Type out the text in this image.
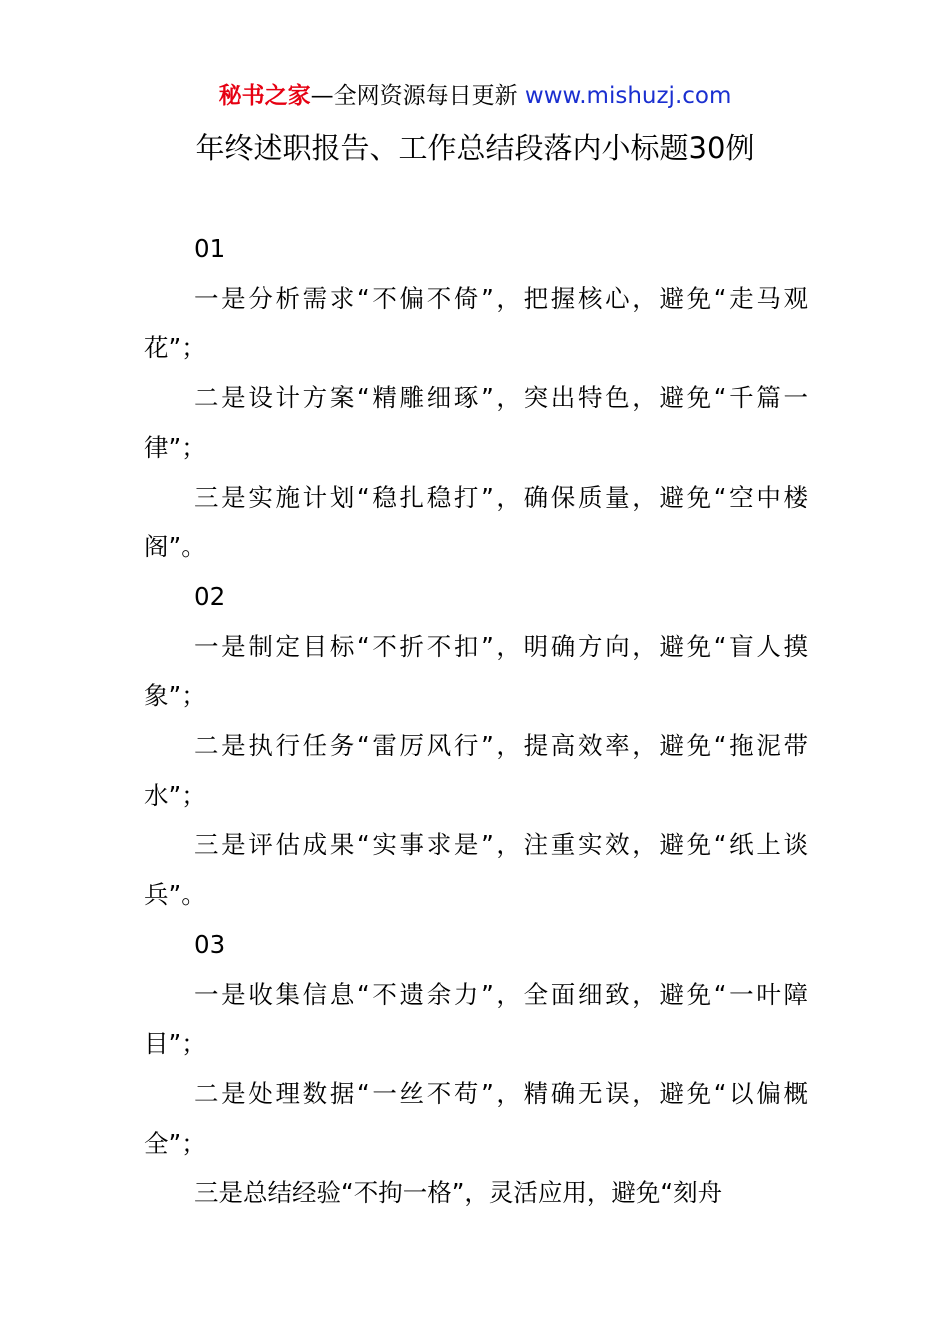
秘书之家—全网资源每日更新 www.mishuzj.com
年终述职报告、工作总结段落内小标题30例
01
一是分析需求“不偏不倚”，把握核心，避免“走马观花”；
二是设计方案“精雕细琢”，突出特色，避免“千篇一律”；
三是实施计划“稳扎稳打”，确保质量，避免“空中楼阁”。
02
一是制定目标“不折不扣”，明确方向，避免“盲人摸象”；
二是执行任务“雷厉风行”，提高效率，避免“拖泥带水”；
三是评估成果“实事求是”，注重实效，避免“纸上谈兵”。
03
一是收集信息“不遗余力”，全面细致，避免“一叶障目”；
二是处理数据“一丝不苟”，精确无误，避免“以偏概全”；
三是总结经验“不拘一格”，灵活应用，避免“刻舟
